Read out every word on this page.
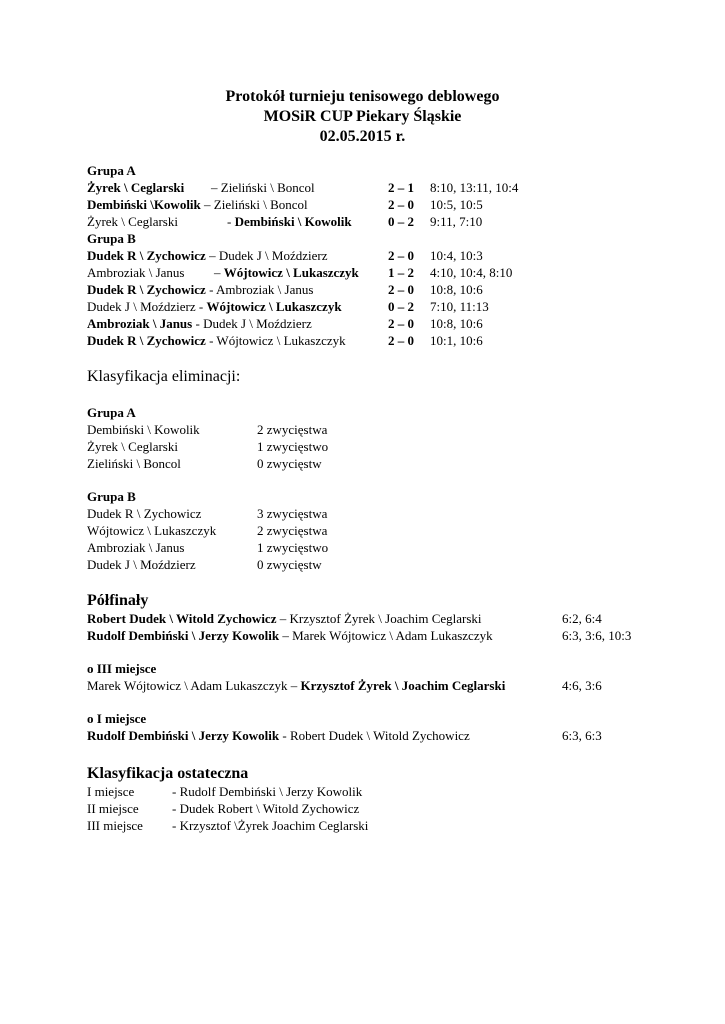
Protokół turnieju tenisowego deblowego
MOSiR CUP Piekary Śląskie
02.05.2015 r.
Grupa A
Żyrek \ Ceglarski – Zieliński \ Boncol	2 – 1 8:10, 13:11, 10:4
Dembiński \Kowolik – Zieliński \ Boncol	2 – 0 10:5, 10:5
Żyrek \ Ceglarski	- Dembiński \ Kowolik	0 – 2 9:11, 7:10
Grupa B
Dudek R \ Zychowicz – Dudek J \ Moździerz	2 – 0 10:4, 10:3
Ambroziak \ Janus – Wójtowicz \ Lukaszczyk 1 – 2 4:10, 10:4, 8:10
Dudek R \ Zychowicz - Ambroziak \ Janus	2 – 0 10:8, 10:6
Dudek J \ Moździerz - Wójtowicz \ Lukaszczyk	0 – 2 7:10, 11:13
Ambroziak \ Janus - Dudek J \ Moździerz	2 – 0 10:8, 10:6
Dudek R \ Zychowicz - Wójtowicz \ Lukaszczyk	2 – 0 10:1, 10:6
Klasyfikacja eliminacji:
Grupa A
Dembiński \ Kowolik	2 zwycięstwa
Żyrek \ Ceglarski	1 zwycięstwo
Zieliński \ Boncol	0 zwycięstw
Grupa B
Dudek R \ Zychowicz	3 zwycięstwa
Wójtowicz \ Lukaszczyk	2 zwycięstwa
Ambroziak \ Janus	1 zwycięstwo
Dudek J \ Moździerz	0 zwycięstw
Półfinały
Robert Dudek \ Witold Zychowicz – Krzysztof Żyrek \ Joachim Ceglarski	6:2, 6:4
Rudolf Dembiński \ Jerzy Kowolik – Marek Wójtowicz \ Adam Lukaszczyk	6:3, 3:6, 10:3
o III miejsce
Marek Wójtowicz \ Adam Lukaszczyk – Krzysztof Żyrek \ Joachim Ceglarski	4:6, 3:6
o I miejsce
Rudolf Dembiński \ Jerzy Kowolik - Robert Dudek \ Witold Zychowicz	6:3, 6:3
Klasyfikacja ostateczna
I miejsce	- Rudolf Dembiński \ Jerzy Kowolik
II miejsce	- Dudek Robert \ Witold Zychowicz
III miejsce - Krzysztof \Żyrek Joachim Ceglarski
